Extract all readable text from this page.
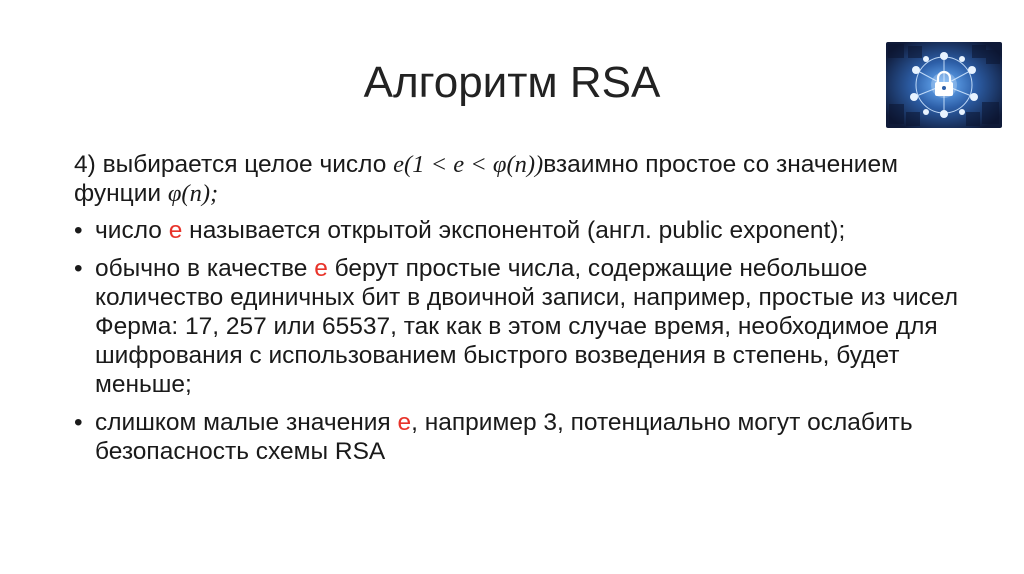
Алгоритм RSA

4) выбирается целое число e(1 < e < φ(n))взаимно простое со значением фунции φ(n);

• число e называется открытой экспонентой (англ. public exponent);

• обычно в качестве e берут простые числа, содержащие небольшое количество единичных бит в двоичной записи, например, простые из чисел Ферма: 17, 257 или 65537, так как в этом случае время, необходимое для шифрования с использованием быстрого возведения в степень, будет меньше;

• слишком малые значения e, например 3, потенциально могут ослабить безопасность схемы RSA
